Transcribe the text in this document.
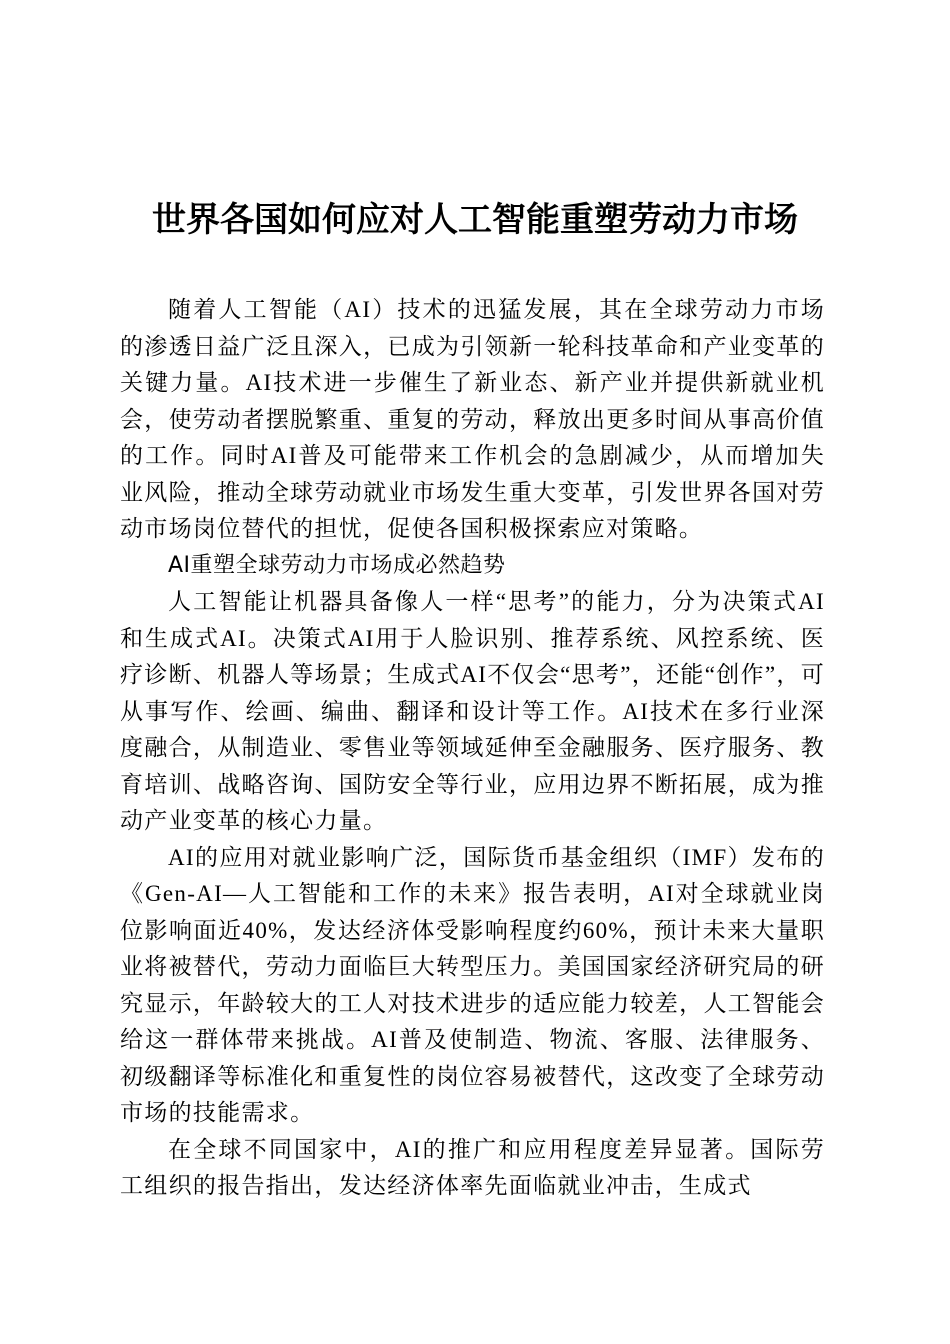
世界各国如何应对人工智能重塑劳动力市场

随着人工智能（AI）技术的迅猛发展，其在全球劳动力市场的渗透日益广泛且深入，已成为引领新一轮科技革命和产业变革的关键力量。AI技术进一步催生了新业态、新产业并提供新就业机会，使劳动者摆脱繁重、重复的劳动，释放出更多时间从事高价值的工作。同时AI普及可能带来工作机会的急剧减少，从而增加失业风险，推动全球劳动就业市场发生重大变革，引发世界各国对劳动市场岗位替代的担忧，促使各国积极探索应对策略。

AI重塑全球劳动力市场成必然趋势

人工智能让机器具备像人一样“思考”的能力，分为决策式AI和生成式AI。决策式AI用于人脸识别、推荐系统、风控系统、医疗诊断、机器人等场景；生成式AI不仅会“思考”，还能“创作”，可从事写作、绘画、编曲、翻译和设计等工作。AI技术在多行业深度融合，从制造业、零售业等领域延伸至金融服务、医疗服务、教育培训、战略咨询、国防安全等行业，应用边界不断拓展，成为推动产业变革的核心力量。

AI的应用对就业影响广泛，国际货币基金组织（IMF）发布的《Gen-AI—人工智能和工作的未来》报告表明，AI对全球就业岗位影响面近40%，发达经济体受影响程度约60%，预计未来大量职业将被替代，劳动力面临巨大转型压力。美国国家经济研究局的研究显示，年龄较大的工人对技术进步的适应能力较差，人工智能会给这一群体带来挑战。AI普及使制造、物流、客服、法律服务、初级翻译等标准化和重复性的岗位容易被替代，这改变了全球劳动市场的技能需求。

在全球不同国家中，AI的推广和应用程度差异显著。国际劳工组织的报告指出，发达经济体率先面临就业冲击，生成式
